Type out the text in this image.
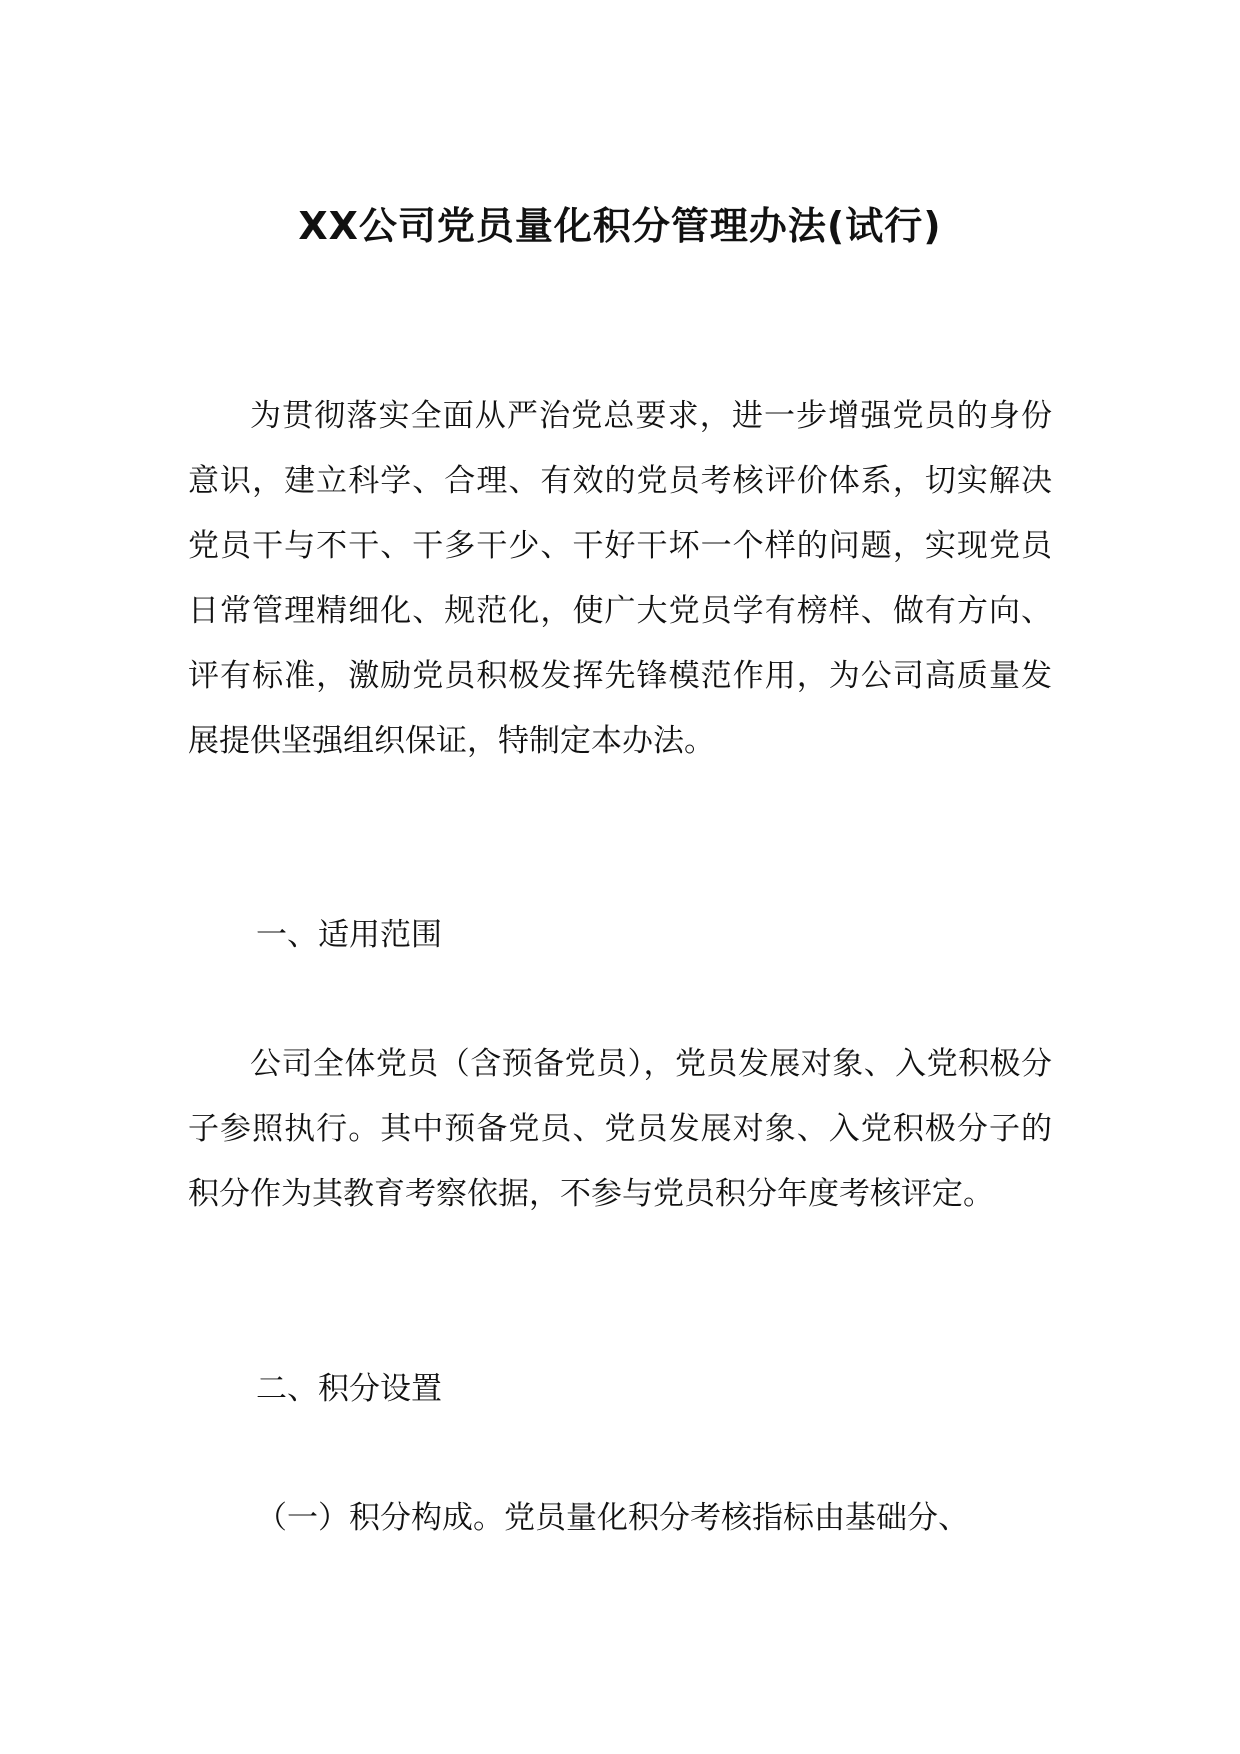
XX公司党员量化积分管理办法(试行)

为贯彻落实全面从严治党总要求，进一步增强党员的身份意识，建立科学、合理、有效的党员考核评价体系，切实解决党员干与不干、干多干少、干好干坏一个样的问题，实现党员日常管理精细化、规范化，使广大党员学有榜样、做有方向、评有标准，激励党员积极发挥先锋模范作用，为公司高质量发展提供坚强组织保证，特制定本办法。

一、适用范围

公司全体党员（含预备党员），党员发展对象、入党积极分子参照执行。其中预备党员、党员发展对象、入党积极分子的积分作为其教育考察依据，不参与党员积分年度考核评定。

二、积分设置

（一）积分构成。党员量化积分考核指标由基础分、
